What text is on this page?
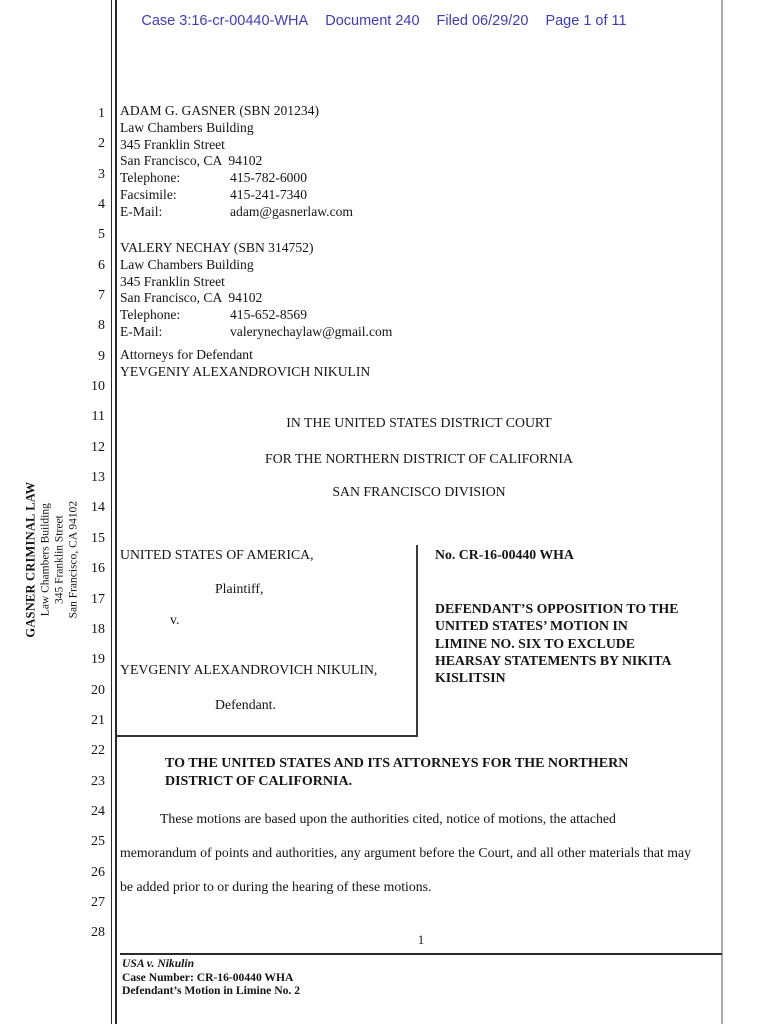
Case 3:16-cr-00440-WHA Document 240 Filed 06/29/20 Page 1 of 11
1
2
3
4
5
6
7
8
9
10
11
12
13
14
15
16
17
18
19
20
21
22
23
24
25
26
27
28
GASNER CRIMINAL LAW Law Chambers Building 345 Franklin Street San Francisco, CA 94102
ADAM G. GASNER (SBN 201234)
Law Chambers Building
345 Franklin Street
San Francisco, CA  94102
Telephone:	415-782-6000
Facsimile:	415-241-7340
E-Mail:	adam@gasnerlaw.com
VALERY NECHAY (SBN 314752)
Law Chambers Building
345 Franklin Street
San Francisco, CA  94102
Telephone:	415-652-8569
E-Mail:	valerynechaylaw@gmail.com
Attorneys for Defendant
YEVGENIY ALEXANDROVICH NIKULIN
IN THE UNITED STATES DISTRICT COURT
FOR THE NORTHERN DISTRICT OF CALIFORNIA
SAN FRANCISCO DIVISION
UNITED STATES OF AMERICA,
Plaintiff,
v.
YEVGENIY ALEXANDROVICH NIKULIN,
Defendant.
No. CR-16-00440 WHA
DEFENDANT’S OPPOSITION TO THE
UNITED STATES’ MOTION IN
LIMINE NO. SIX TO EXCLUDE
HEARSAY STATEMENTS BY NIKITA
KISLITSIN
TO THE UNITED STATES AND ITS ATTORNEYS FOR THE NORTHERN
DISTRICT OF CALIFORNIA.
These motions are based upon the authorities cited, notice of motions, the attached
memorandum of points and authorities, any argument before the Court, and all other materials that may
be added prior to or during the hearing of these motions.
1
USA v. Nikulin
Case Number: CR-16-00440 WHA
Defendant’s Motion in Limine No. 2
